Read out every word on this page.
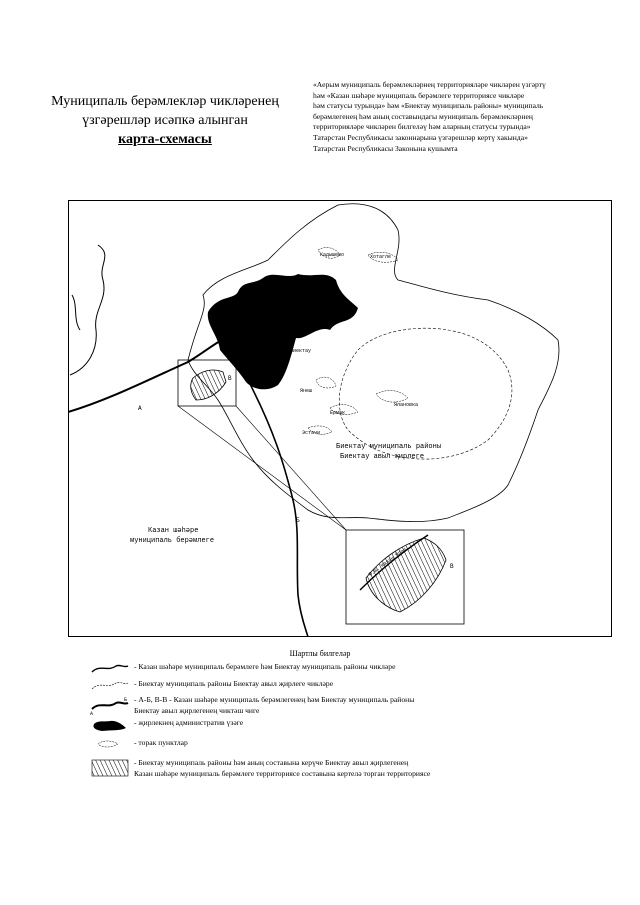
Муниципаль берәмлекләр чикләренең
үзгәрешләр исәпкә алынган
карта-схемасы
«Аерым муниципаль берәмлекләрнең территорияләре чикләрен үзгәртү
һәм «Казан шәһәре муниципаль берәмлеге территориясе чикләре
һәм статусы турында» һәм «Биектау муниципаль районы» муниципаль
берәмлегенең һәм аның составындагы муниципаль берәмлекләрнең
территорияләре чикләрен билгеләү һәм аларның статусы турында»
Татарстан Республикасы законнарына үзгәрешләр кертү хакында»
Татарстан Республикасы Законына кушымта
В
Ю.Ш. Казан Ялан	В
А
Б
Кадышево	Хотагле
Биектау
Янеш
Ялановка
Ермак
Эстачи
Биектау муниципаль районы
Биектау авыл җирлеге
Казан шәһәре
муниципаль берәмлеге
Шартлы билгеләр
- Казан шәһәре муниципаль берәмлеге һәм Биектау муниципаль районы чикләре
- Биектау муниципаль районы Биектау авыл җирлеге чикләре
А
Б - А-Б, В-В - Казан шәһәре муниципаль берәмлегенең һәм Биектау муниципаль районы
Биектау авыл җирлегенең чиктәш чиге
- җирлекнең административ үзәге
- торак пунктлар
- Биектау муниципаль районы һәм аның составына керүче Биектау авыл җирлегенең
Казан шәһәре муниципаль берәмлеге территориясе составына кертелә торган территориясе
